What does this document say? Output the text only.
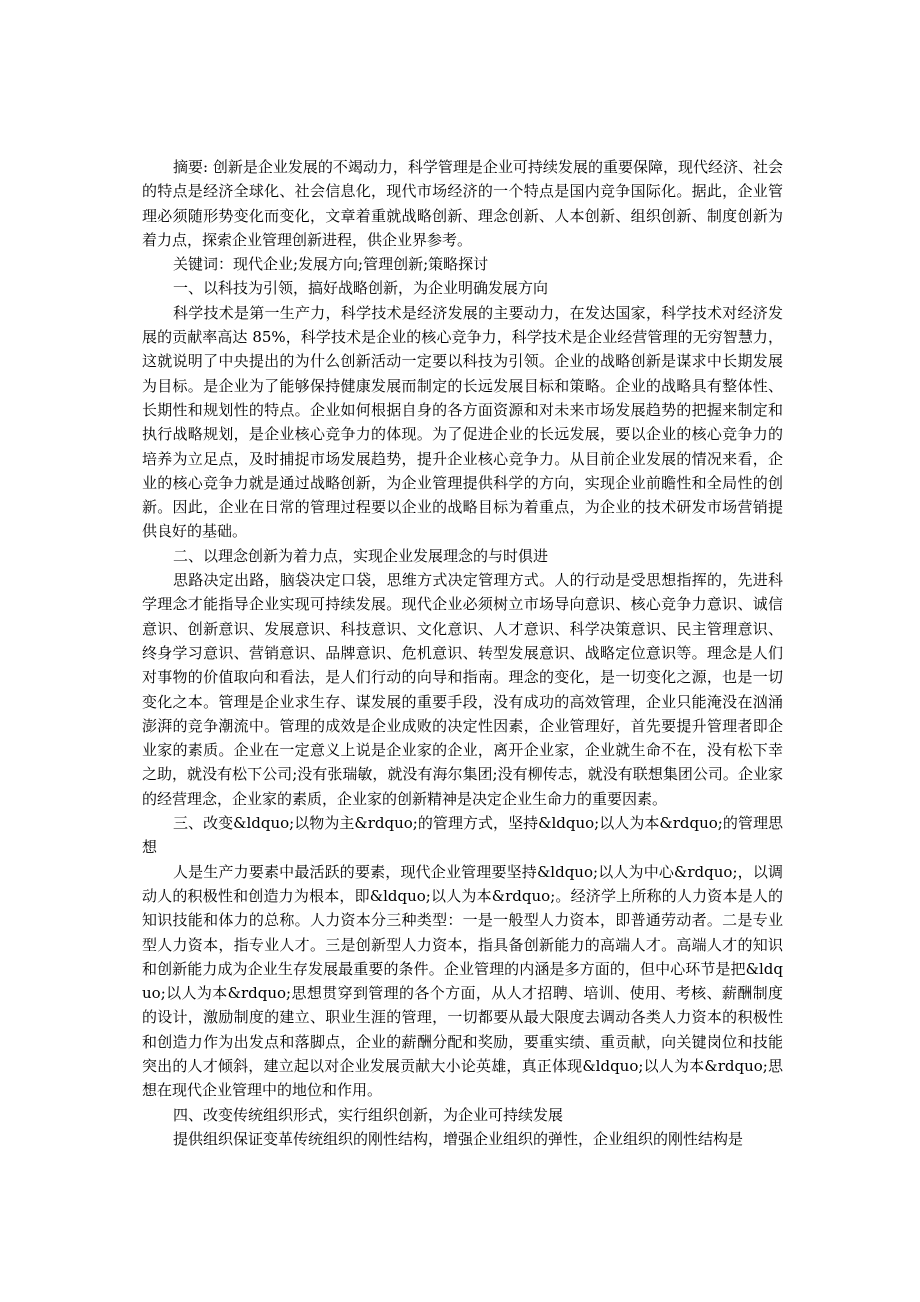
摘要: 创新是企业发展的不竭动力，科学管理是企业可持续发展的重要保障，现代经济、社会的特点是经济全球化、社会信息化，现代市场经济的一个特点是国内竞争国际化。据此，企业管理必须随形势变化而变化，文章着重就战略创新、理念创新、人本创新、组织创新、制度创新为着力点，探索企业管理创新进程，供企业界参考。

关键词：现代企业;发展方向;管理创新;策略探讨

一、以科技为引领，搞好战略创新，为企业明确发展方向

科学技术是第一生产力，科学技术是经济发展的主要动力，在发达国家，科学技术对经济发展的贡献率高达 85%，科学技术是企业的核心竞争力，科学技术是企业经营管理的无穷智慧力，这就说明了中央提出的为什么创新活动一定要以科技为引领。企业的战略创新是谋求中长期发展为目标。是企业为了能够保持健康发展而制定的长远发展目标和策略。企业的战略具有整体性、长期性和规划性的特点。企业如何根据自身的各方面资源和对未来市场发展趋势的把握来制定和执行战略规划，是企业核心竞争力的体现。为了促进企业的长远发展，要以企业的核心竞争力的培养为立足点，及时捕捉市场发展趋势，提升企业核心竞争力。从目前企业发展的情况来看，企业的核心竞争力就是通过战略创新，为企业管理提供科学的方向，实现企业前瞻性和全局性的创新。因此，企业在日常的管理过程要以企业的战略目标为着重点，为企业的技术研发市场营销提供良好的基础。

二、以理念创新为着力点，实现企业发展理念的与时俱进

思路决定出路，脑袋决定口袋，思维方式决定管理方式。人的行动是受思想指挥的，先进科学理念才能指导企业实现可持续发展。现代企业必须树立市场导向意识、核心竞争力意识、诚信意识、创新意识、发展意识、科技意识、文化意识、人才意识、科学决策意识、民主管理意识、终身学习意识、营销意识、品牌意识、危机意识、转型发展意识、战略定位意识等。理念是人们对事物的价值取向和看法，是人们行动的向导和指南。理念的变化，是一切变化之源，也是一切变化之本。管理是企业求生存、谋发展的重要手段，没有成功的高效管理，企业只能淹没在汹涌澎湃的竞争潮流中。管理的成效是企业成败的决定性因素，企业管理好，首先要提升管理者即企业家的素质。企业在一定意义上说是企业家的企业，离开企业家，企业就生命不在，没有松下幸之助，就没有松下公司;没有张瑞敏，就没有海尔集团;没有柳传志，就没有联想集团公司。企业家的经营理念，企业家的素质，企业家的创新精神是决定企业生命力的重要因素。

三、改变&ldquo;以物为主&rdquo;的管理方式，坚持&ldquo;以人为本&rdquo;的管理思想

人是生产力要素中最活跃的要素，现代企业管理要坚持&ldquo;以人为中心&rdquo;，以调动人的积极性和创造力为根本，即&ldquo;以人为本&rdquo;。经济学上所称的人力资本是人的知识技能和体力的总称。人力资本分三种类型：一是一般型人力资本，即普通劳动者。二是专业型人力资本，指专业人才。三是创新型人力资本，指具备创新能力的高端人才。高端人才的知识和创新能力成为企业生存发展最重要的条件。企业管理的内涵是多方面的，但中心环节是把&ldquo;以人为本&rdquo;思想贯穿到管理的各个方面，从人才招聘、培训、使用、考核、薪酬制度的设计，激励制度的建立、职业生涯的管理，一切都要从最大限度去调动各类人力资本的积极性和创造力作为出发点和落脚点，企业的薪酬分配和奖励，要重实绩、重贡献，向关键岗位和技能突出的人才倾斜，建立起以对企业发展贡献大小论英雄，真正体现&ldquo;以人为本&rdquo;思想在现代企业管理中的地位和作用。

四、改变传统组织形式，实行组织创新，为企业可持续发展

提供组织保证变革传统组织的刚性结构，增强企业组织的弹性，企业组织的刚性结构是
